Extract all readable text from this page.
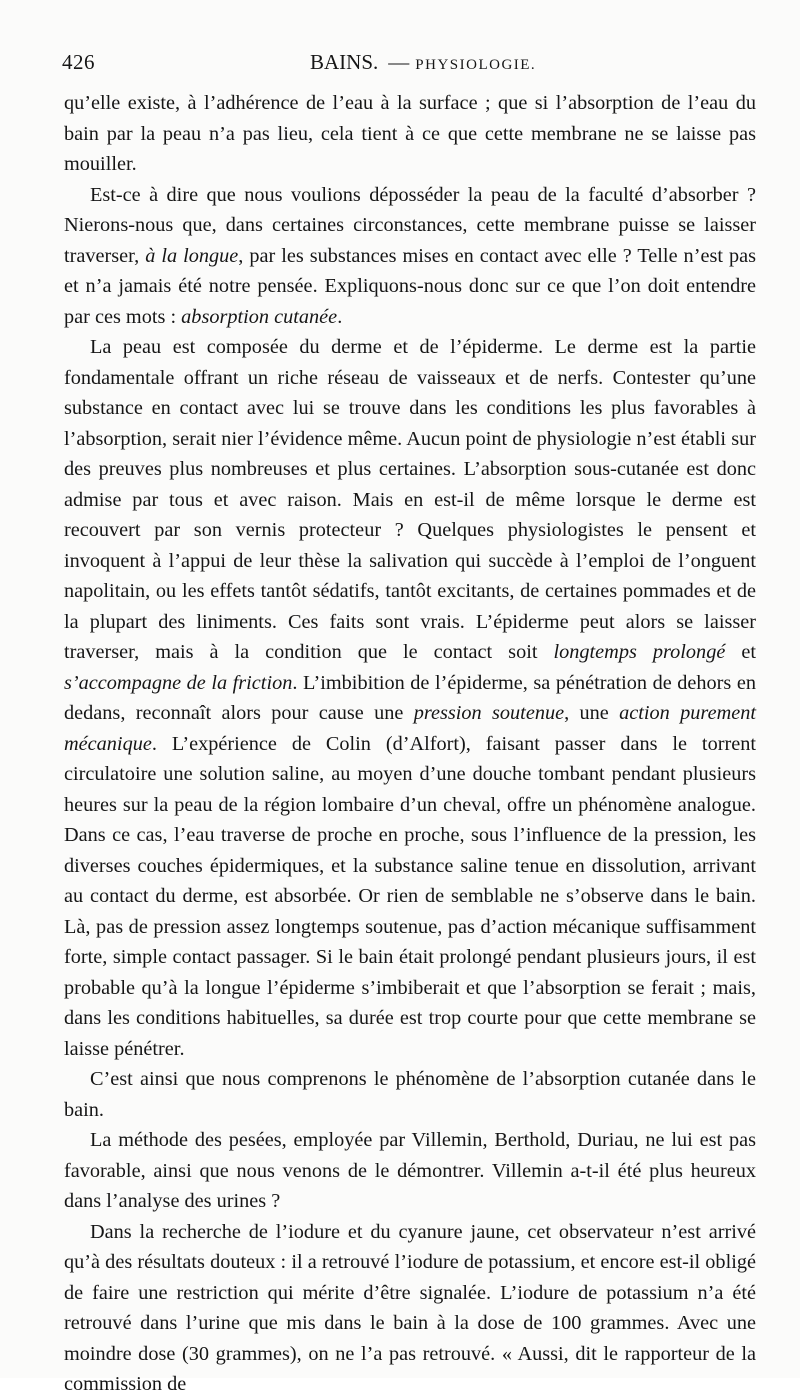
426	BAINS. — PHYSIOLOGIE.

qu’elle existe, à l’adhérence de l’eau à la surface ; que si l’absorption de l’eau du bain par la peau n’a pas lieu, cela tient à ce que cette membrane ne se laisse pas mouiller.

Est-ce à dire que nous voulions déposséder la peau de la faculté d’absorber ? Nierons-nous que, dans certaines circonstances, cette membrane puisse se laisser traverser, à la longue, par les substances mises en contact avec elle ? Telle n’est pas et n’a jamais été notre pensée. Expliquons-nous donc sur ce que l’on doit entendre par ces mots : absorption cutanée.

La peau est composée du derme et de l’épiderme. Le derme est la partie fondamentale offrant un riche réseau de vaisseaux et de nerfs. Contester qu’une substance en contact avec lui se trouve dans les conditions les plus favorables à l’absorption, serait nier l’évidence même. Aucun point de physiologie n’est établi sur des preuves plus nombreuses et plus certaines. L’absorption sous-cutanée est donc admise par tous et avec raison. Mais en est-il de même lorsque le derme est recouvert par son vernis protecteur ? Quelques physiologistes le pensent et invoquent à l’appui de leur thèse la salivation qui succède à l’emploi de l’onguent napolitain, ou les effets tantôt sédatifs, tantôt excitants, de certaines pommades et de la plupart des liniments. Ces faits sont vrais. L’épiderme peut alors se laisser traverser, mais à la condition que le contact soit longtemps prolongé et s’accompagne de la friction. L’imbibition de l’épiderme, sa pénétration de dehors en dedans, reconnaît alors pour cause une pression soutenue, une action purement mécanique. L’expérience de Colin (d’Alfort), faisant passer dans le torrent circulatoire une solution saline, au moyen d’une douche tombant pendant plusieurs heures sur la peau de la région lombaire d’un cheval, offre un phénomène analogue. Dans ce cas, l’eau traverse de proche en proche, sous l’influence de la pression, les diverses couches épidermiques, et la substance saline tenue en dissolution, arrivant au contact du derme, est absorbée. Or rien de semblable ne s’observe dans le bain. Là, pas de pression assez longtemps soutenue, pas d’action mécanique suffisamment forte, simple contact passager. Si le bain était prolongé pendant plusieurs jours, il est probable qu’à la longue l’épiderme s’imbiberait et que l’absorption se ferait ; mais, dans les conditions habituelles, sa durée est trop courte pour que cette membrane se laisse pénétrer.

C’est ainsi que nous comprenons le phénomène de l’absorption cutanée dans le bain.

La méthode des pesées, employée par Villemin, Berthold, Duriau, ne lui est pas favorable, ainsi que nous venons de le démontrer. Villemin a-t-il été plus heureux dans l’analyse des urines ?

Dans la recherche de l’iodure et du cyanure jaune, cet observateur n’est arrivé qu’à des résultats douteux : il a retrouvé l’iodure de potassium, et encore est-il obligé de faire une restriction qui mérite d’être signalée. L’iodure de potassium n’a été retrouvé dans l’urine que mis dans le bain à la dose de 100 grammes. Avec une moindre dose (30 grammes), on ne l’a pas retrouvé. « Aussi, dit le rapporteur de la commission de
